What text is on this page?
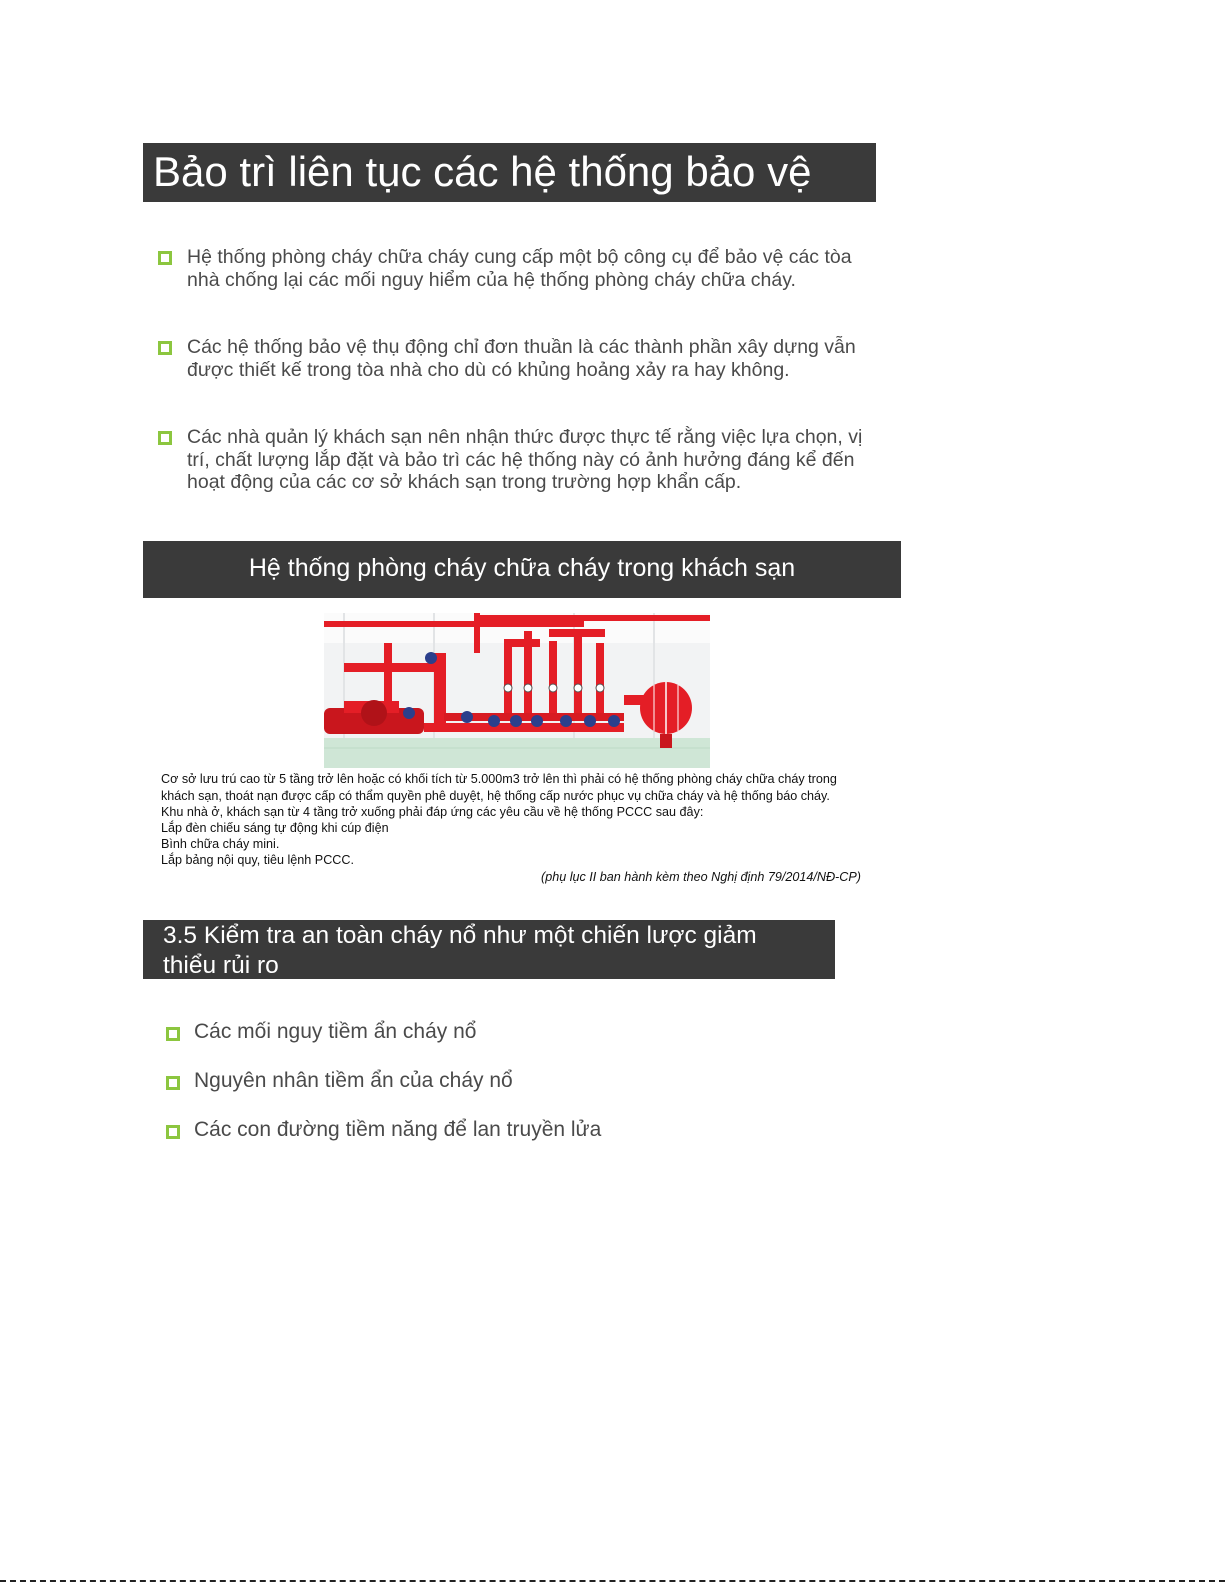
Bảo trì liên tục các hệ thống bảo vệ

Hệ thống phòng cháy chữa cháy cung cấp một bộ công cụ để bảo vệ các tòa nhà chống lại các mối nguy hiểm của hệ thống phòng cháy chữa cháy.

Các hệ thống bảo vệ thụ động chỉ đơn thuần là các thành phần xây dựng vẫn được thiết kế trong tòa nhà cho dù có khủng hoảng xảy ra hay không.

Các nhà quản lý khách sạn nên nhận thức được thực tế rằng việc lựa chọn, vị trí, chất lượng lắp đặt và bảo trì các hệ thống này có ảnh hưởng đáng kể đến hoạt động của các cơ sở khách sạn trong trường hợp khẩn cấp.

Hệ thống phòng cháy chữa cháy trong khách sạn

Cơ sở lưu trú cao từ 5 tầng trở lên hoặc có khối tích từ 5.000m3 trở lên thì phải có hệ thống phòng cháy chữa cháy trong

khách sạn, thoát nạn được cấp có thẩm quyền phê duyệt, hệ thống cấp nước phục vụ chữa cháy và hệ thống báo cháy.

Khu nhà ở, khách sạn từ 4 tầng trở xuống phải đáp ứng các yêu cầu về hệ thống PCCC sau đây:

Lắp đèn chiếu sáng tự động khi cúp điện

Bình chữa cháy mini.

Lắp bảng nội quy, tiêu lệnh PCCC.

(phụ lục II ban hành kèm theo Nghị định 79/2014/NĐ-CP)

3.5 Kiểm tra an toàn cháy nổ như một chiến lược giảm
thiểu rủi ro

Các mối nguy tiềm ẩn cháy nổ

Nguyên nhân tiềm ẩn của cháy nổ

Các con đường tiềm năng để lan truyền lửa
